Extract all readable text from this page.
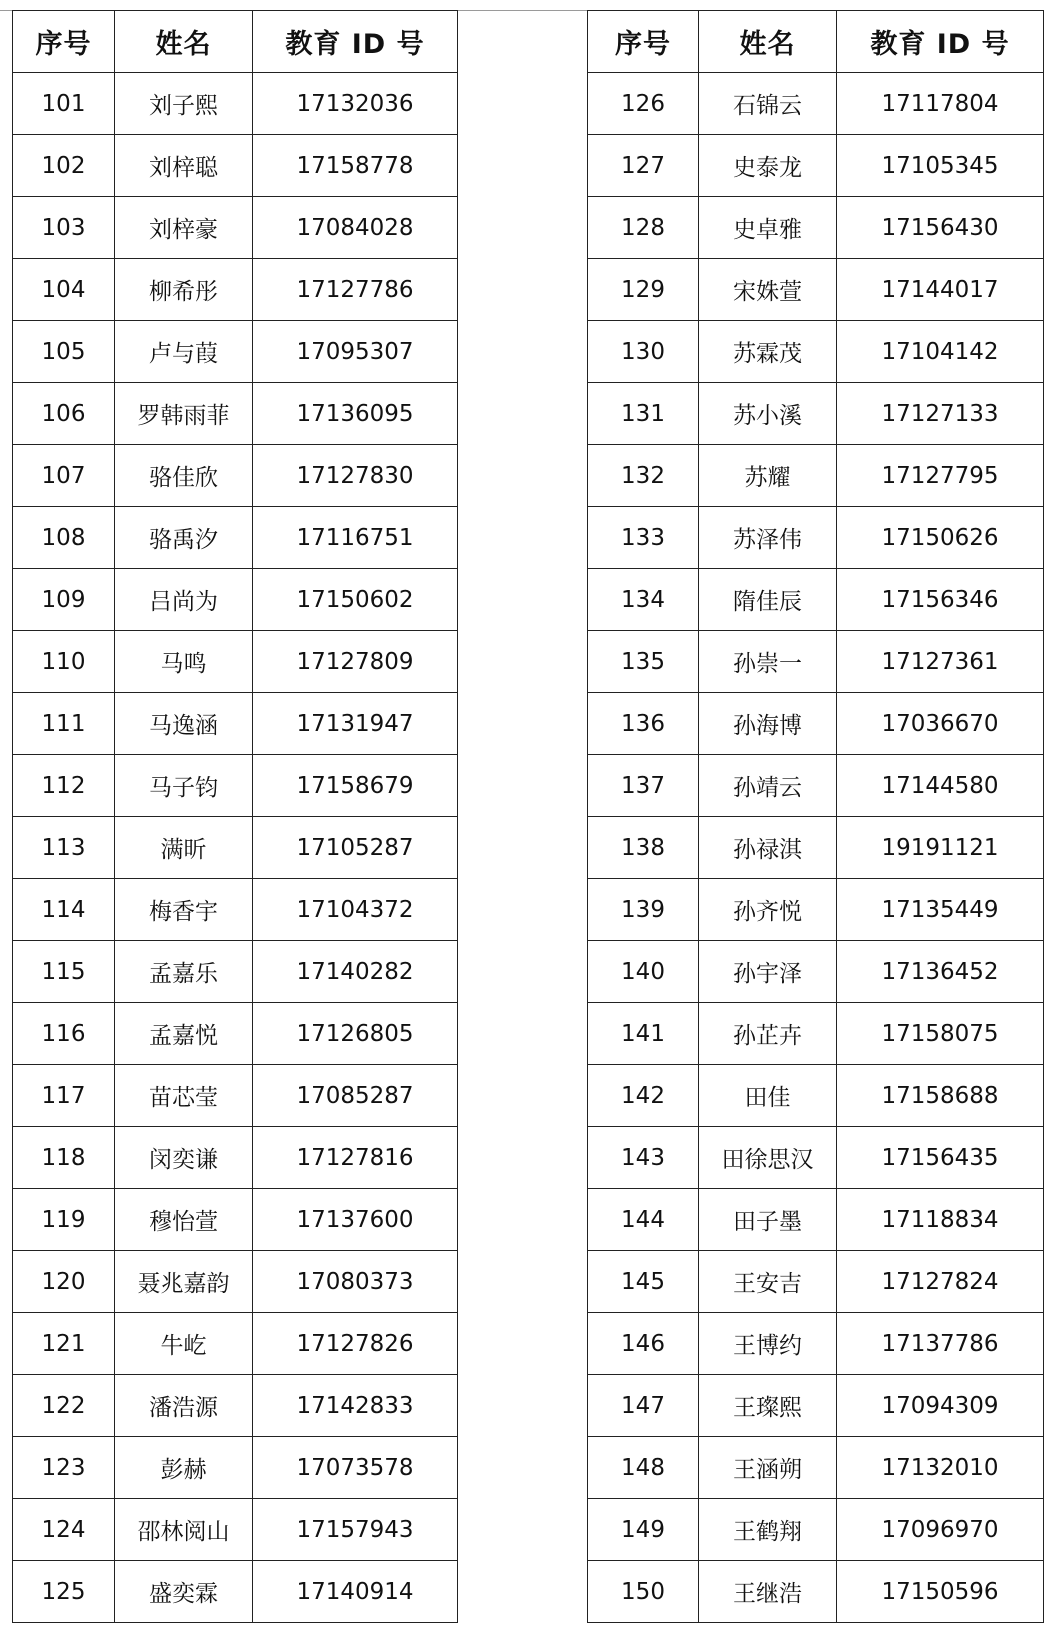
序号	姓名	教育 ID 号
101	刘子熙	17132036
102	刘梓聪	17158778
103	刘梓豪	17084028
104	柳希彤	17127786
105	卢与葭	17095307
106	罗韩雨菲	17136095
107	骆佳欣	17127830
108	骆禹汐	17116751
109	吕尚为	17150602
110	马鸣	17127809
111	马逸涵	17131947
112	马子钧	17158679
113	满昕	17105287
114	梅香宇	17104372
115	孟嘉乐	17140282
116	孟嘉悦	17126805
117	苗芯莹	17085287
118	闵奕谦	17127816
119	穆怡萱	17137600
120	聂兆嘉韵	17080373
121	牛屹	17127826
122	潘浩源	17142833
123	彭赫	17073578
124	邵林阅山	17157943
125	盛奕霖	17140914
序号	姓名	教育 ID 号
126	石锦云	17117804
127	史泰龙	17105345
128	史卓雅	17156430
129	宋姝萱	17144017
130	苏霖茂	17104142
131	苏小溪	17127133
132	苏耀	17127795
133	苏泽伟	17150626
134	隋佳辰	17156346
135	孙崇一	17127361
136	孙海博	17036670
137	孙靖云	17144580
138	孙禄淇	19191121
139	孙齐悦	17135449
140	孙宇泽	17136452
141	孙芷卉	17158075
142	田佳	17158688
143	田徐思汉	17156435
144	田子墨	17118834
145	王安吉	17127824
146	王博约	17137786
147	王璨熙	17094309
148	王涵朔	17132010
149	王鹤翔	17096970
150	王继浩	17150596
